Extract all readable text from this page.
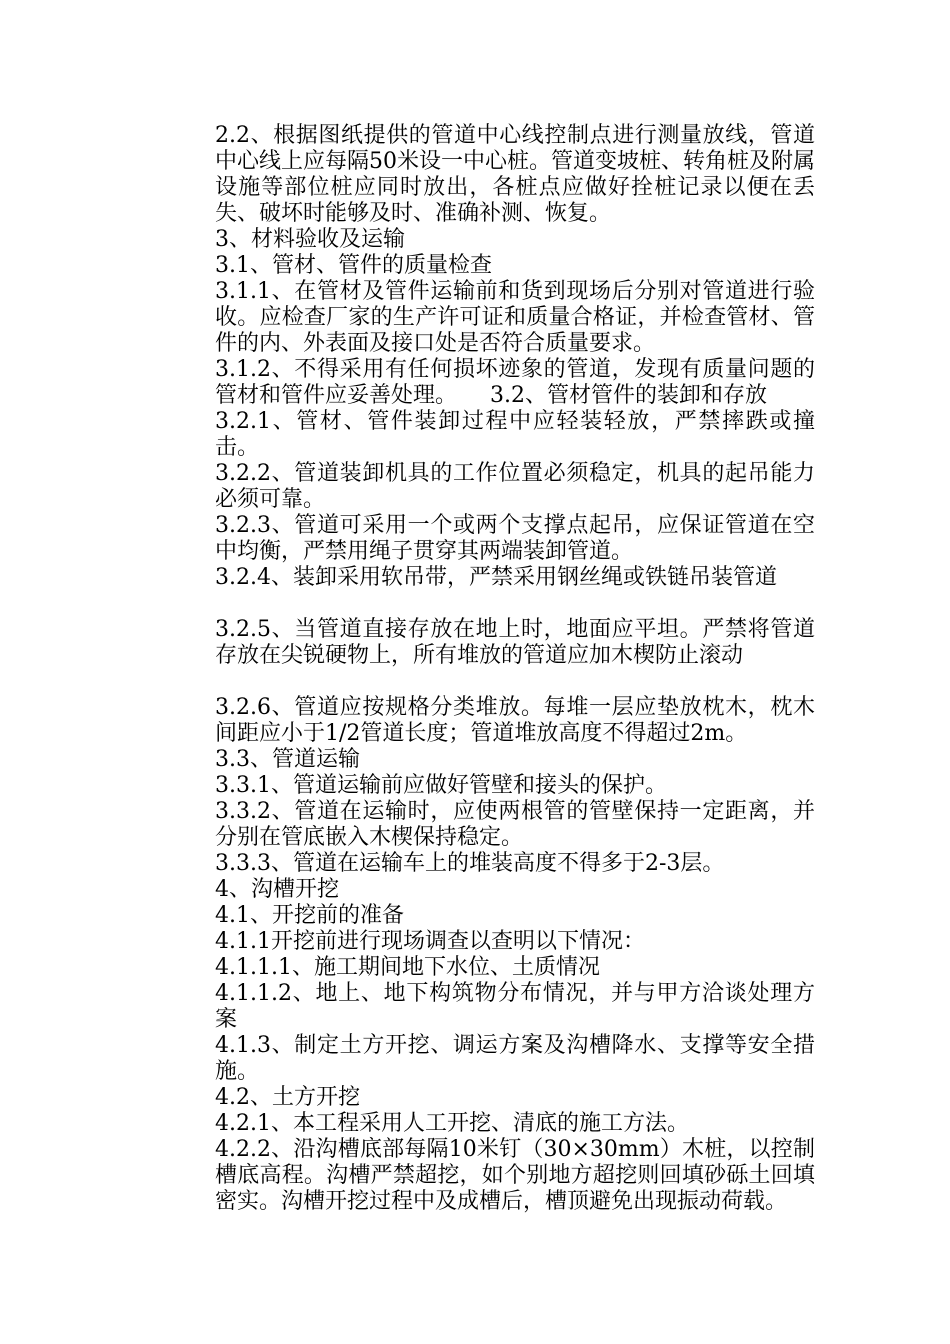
2.2、根据图纸提供的管道中心线控制点进行测量放线，管道中心线上应每隔50米设一中心桩。管道变坡桩、转角桩及附属设施等部位桩应同时放出，各桩点应做好拴桩记录以便在丢失、破坏时能够及时、准确补测、恢复。

3、材料验收及运输

3.1、管材、管件的质量检查

3.1.1、在管材及管件运输前和货到现场后分别对管道进行验收。应检查厂家的生产许可证和质量合格证，并检查管材、管件的内、外表面及接口处是否符合质量要求。

3.1.2、不得采用有任何损坏迹象的管道，发现有质量问题的管材和管件应妥善处理。　　3.2、管材管件的装卸和存放

3.2.1、管材、管件装卸过程中应轻装轻放，严禁摔跌或撞击。

3.2.2、管道装卸机具的工作位置必须稳定，机具的起吊能力必须可靠。

3.2.3、管道可采用一个或两个支撑点起吊，应保证管道在空中均衡，严禁用绳子贯穿其两端装卸管道。

3.2.4、装卸采用软吊带，严禁采用钢丝绳或铁链吊装管道

3.2.5、当管道直接存放在地上时，地面应平坦。严禁将管道存放在尖锐硬物上，所有堆放的管道应加木楔防止滚动

3.2.6、管道应按规格分类堆放。每堆一层应垫放枕木，枕木间距应小于1/2管道长度；管道堆放高度不得超过2m。

3.3、管道运输

3.3.1、管道运输前应做好管壁和接头的保护。

3.3.2、管道在运输时，应使两根管的管壁保持一定距离，并分别在管底嵌入木楔保持稳定。

3.3.3、管道在运输车上的堆装高度不得多于2-3层。

4、沟槽开挖

4.1、开挖前的准备

4.1.1开挖前进行现场调查以查明以下情况：

4.1.1.1、施工期间地下水位、土质情况

4.1.1.2、地上、地下构筑物分布情况，并与甲方洽谈处理方案

4.1.3、制定土方开挖、调运方案及沟槽降水、支撑等安全措施。

4.2、土方开挖

4.2.1、本工程采用人工开挖、清底的施工方法。

4.2.2、沿沟槽底部每隔10米钉（30×30mm）木桩，以控制槽底高程。沟槽严禁超挖，如个别地方超挖则回填砂砾土回填密实。沟槽开挖过程中及成槽后，槽顶避免出现振动荷载。
